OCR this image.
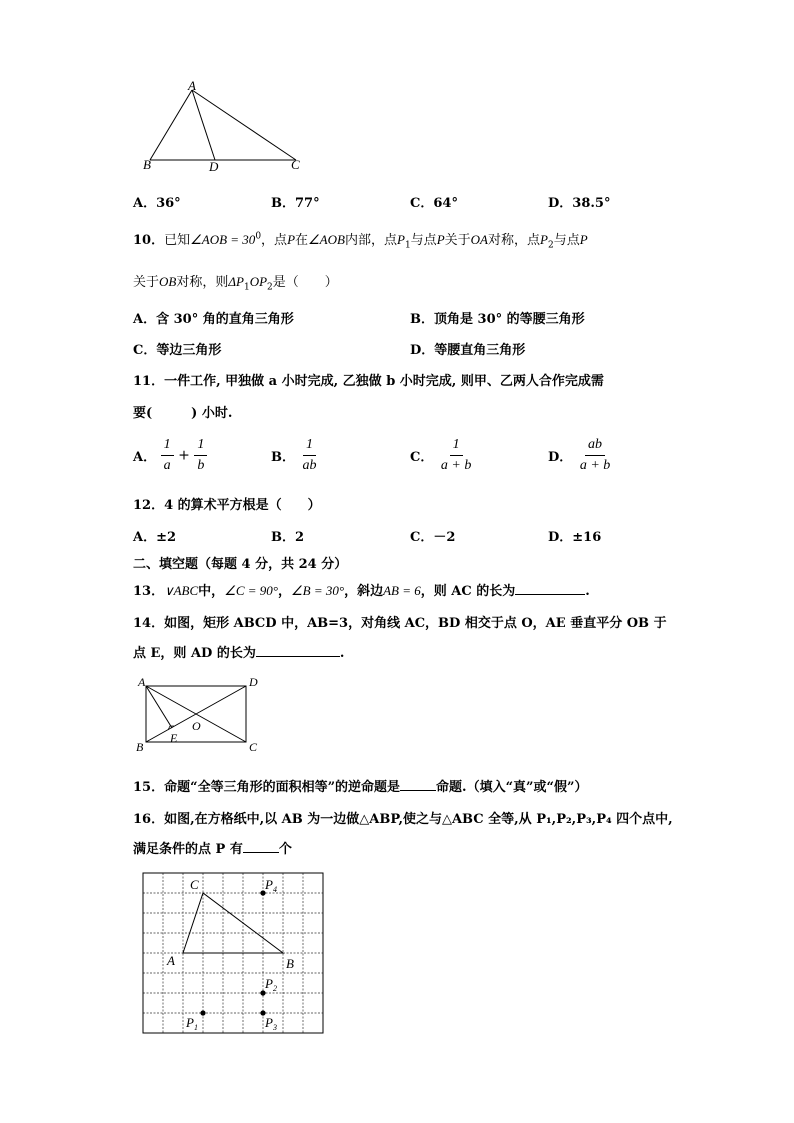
A
B	D	C
A．36°	B．77°	C．64°	D．38.5°
10．已知∠AOB = $30^0$，点P在∠AOB内部，点$P_1$与点P关于OA对称，点$P_2$与点P
关于OB对称，则$\Delta P_1OP_2$是（　　）
A．含 30° 角的直角三角形	B．顶角是 30° 的等腰三角形
C．等边三角形	D．等腰直角三角形
11．一件工作, 甲独做 a 小时完成, 乙独做 b 小时完成, 则甲、乙两人合作完成需
要(　　　) 小时.
A． $\frac{1}{a} + \frac{1}{b}$	B． $\frac{1}{ab}$	C． $\frac{1}{a + b}$	D． $\frac{ab}{a + b}$
12．4 的算术平方根是（　　）
A．±2	B．2	C．－2	D．±16
二、填空题（每题 4 分，共 24 分）
13．∨ABC中，∠C = 90°，∠B = 30°，斜边AB = 6，则 AC 的长为	.
14．如图，矩形 ABCD 中，AB=3，对角线 AC，BD 相交于点 O，AE 垂直平分 OB 于
点 E，则 AD 的长为	.
A	D
B
E
O
C
15．命题“全等三角形的面积相等”的逆命题是	命题.（填入“真”或“假”）
16．如图,在方格纸中,以 AB 为一边做△ABP,使之与△ABC 全等,从 P₁,P₂,P₃,P₄ 四个点中,
满足条件的点 P 有	个
C
A	B
$P_4$
$P_2$
$P_1$	$P_3$
